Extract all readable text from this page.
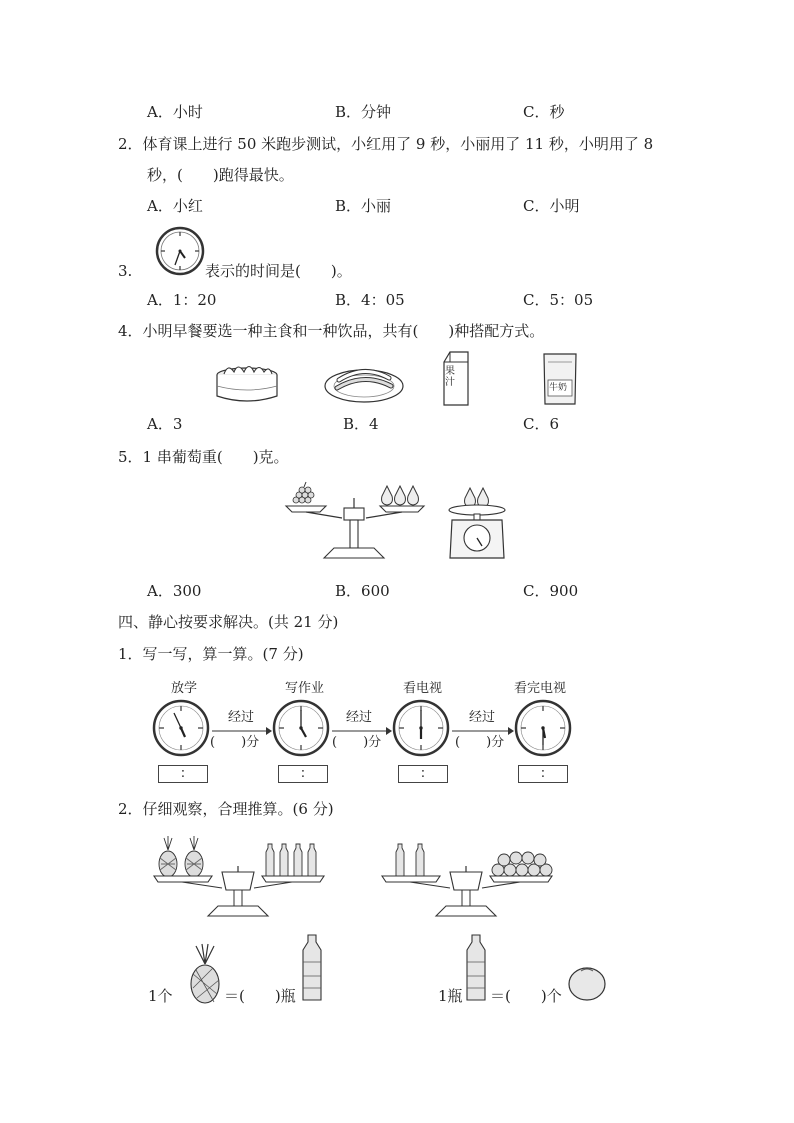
A．小时	B．分钟	C．秒
2．体育课上进行 50 米跑步测试，小红用了 9 秒，小丽用了 11 秒，小明用了 8
秒，(　　)跑得最快。
A．小红	B．小丽	C．小明
3.	表示的时间是(　　)。
A．1：20	B．4：05	C．5：05
4．小明早餐要选一种主食和一种饮品，共有(　　)种搭配方式。
果汁	牛奶
A．3	B．4	C．6
5．1 串葡萄重(　　)克。
A．300	B．600	C．900
四、静心按要求解决。(共 21 分)
1．写一写，算一算。(7 分)
放学	写作业	看电视	看完电视
经过	经过	经过
(　　)分	(　　)分	(　　)分
:	:	:	:
2．仔细观察，合理推算。(6 分)
1个	＝(　　)瓶	1瓶 ＝(　　)个
